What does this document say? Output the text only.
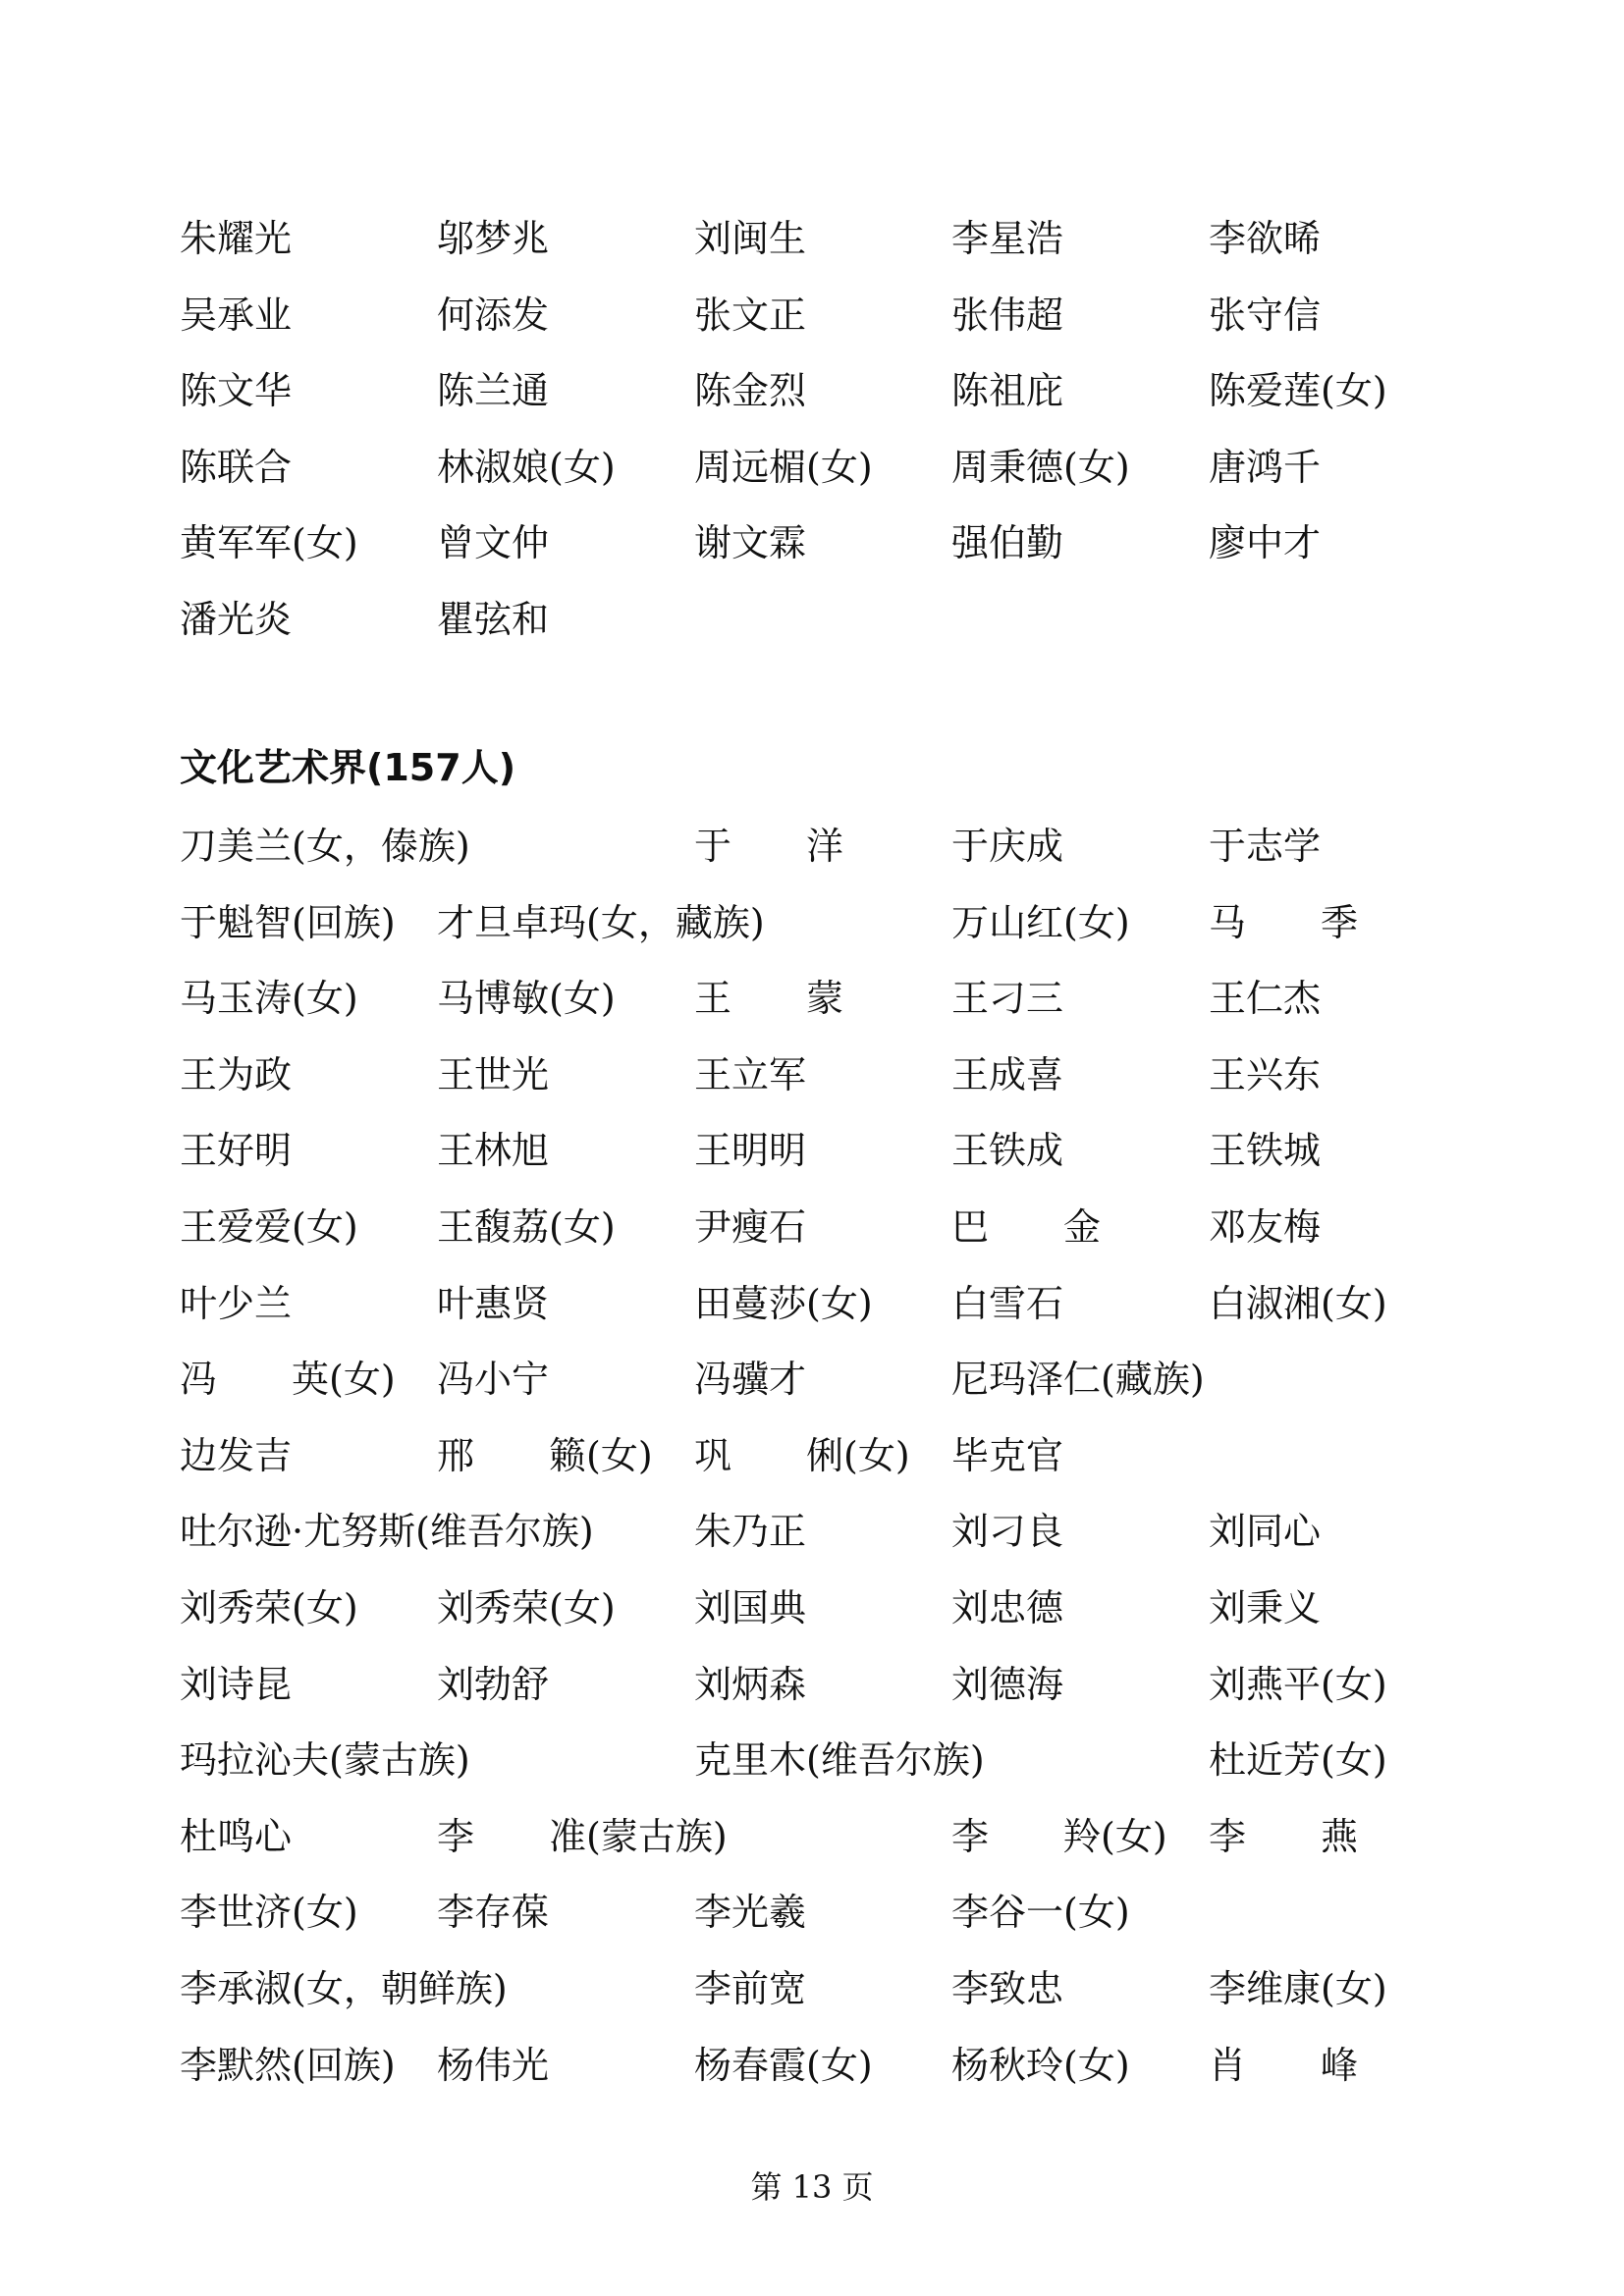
朱耀光	邬梦兆	刘闽生	李星浩	李欲晞
吴承业	何添发	张文正	张伟超	张守信
陈文华	陈兰通	陈金烈	陈祖庇	陈爱莲(女)
陈联合	林淑娘(女) 周远楣(女) 周秉德(女) 唐鸿千
黄军军(女) 曾文仲	谢文霖	强伯勤	廖中才
潘光炎	瞿弦和
文化艺术界(157人)
刀美兰(女，傣族)	于　　洋	于庆成	于志学
于魁智(回族) 才旦卓玛(女，藏族)	万山红(女) 马　　季
马玉涛(女) 马博敏(女) 王　　蒙	王刁三	王仁杰
王为政	王世光	王立军	王成喜	王兴东
王好明	王林旭	王明明	王铁成	王铁城
王爱爱(女) 王馥荔(女) 尹瘦石	巴　　金	邓友梅
叶少兰	叶惠贤	田蔓莎(女) 白雪石	白淑湘(女)
冯　　英(女) 冯小宁	冯骥才	尼玛泽仁(藏族)
边发吉	邢　　籁(女) 巩　　俐(女) 毕克官
吐尔逊·尤努斯(维吾尔族)	朱乃正	刘刁良	刘同心
刘秀荣(女) 刘秀荣(女) 刘国典	刘忠德	刘秉义
刘诗昆	刘勃舒	刘炳森	刘德海	刘燕平(女)
玛拉沁夫(蒙古族)	克里木(维吾尔族)	杜近芳(女)
杜鸣心	李　　准(蒙古族)	李　　羚(女) 李　　燕
李世济(女) 李存葆	李光羲	李谷一(女)
李承淑(女，朝鲜族)	李前宽	李致忠	李维康(女)
李默然(回族) 杨伟光	杨春霞(女) 杨秋玲(女) 肖　　峰
第 13 页
